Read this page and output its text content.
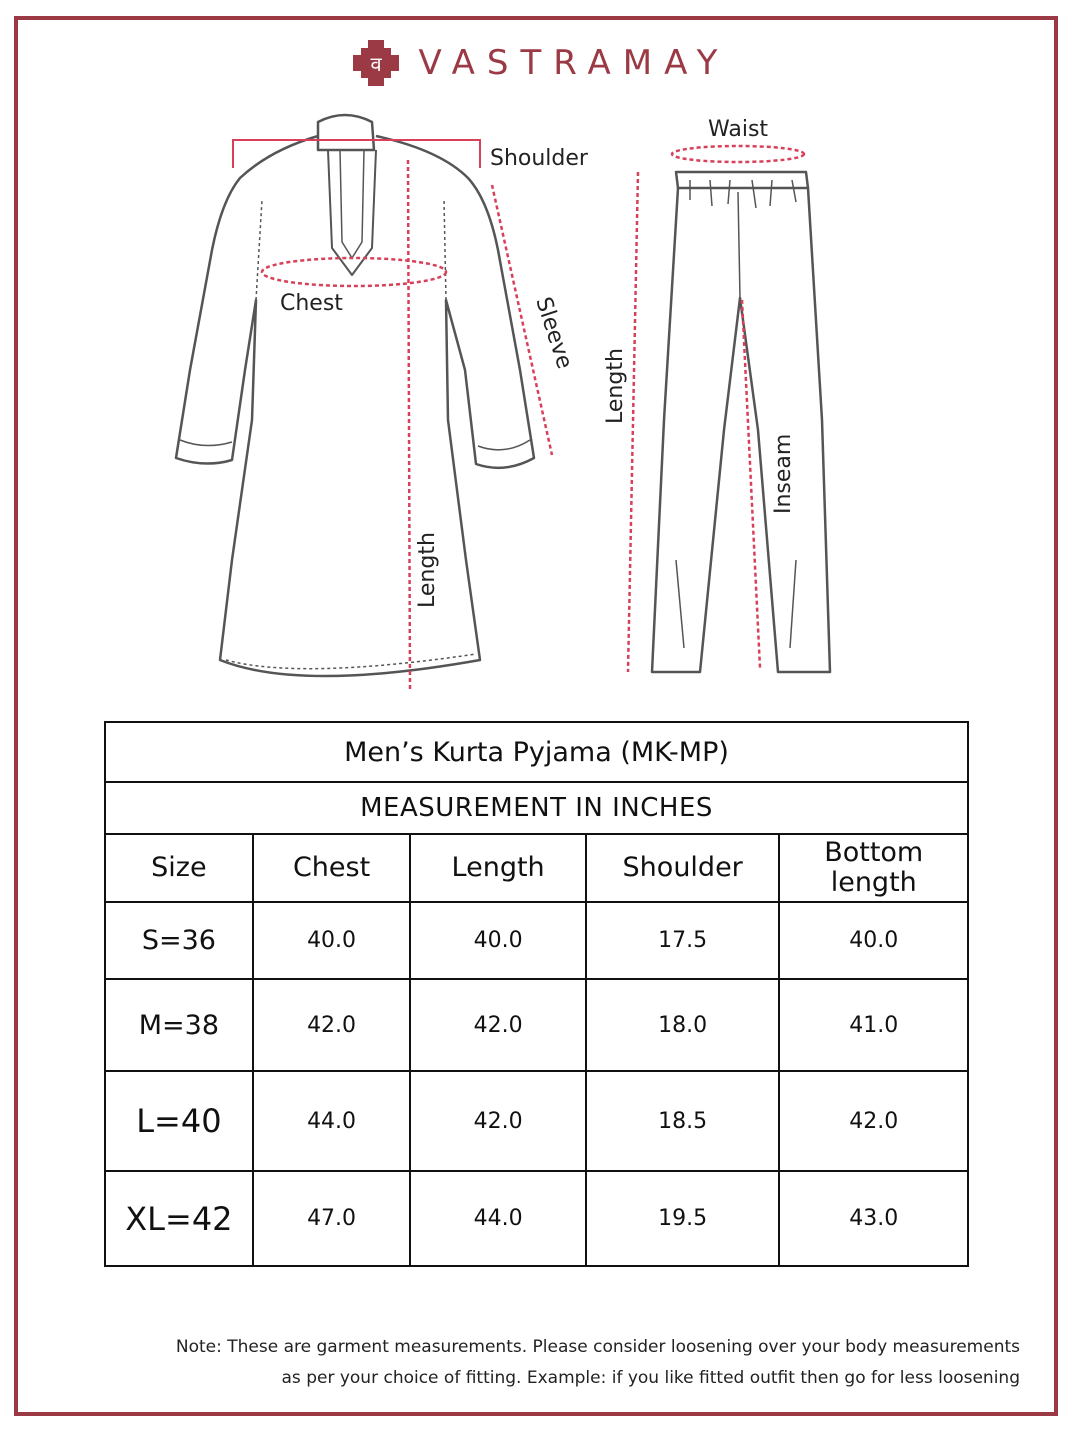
व VASTRAMAY
Shoulder
Chest	Sleeve
Length
Waist
Length
Inseam
Men’s Kurta Pyjama (MK-MP)				
MEASUREMENT IN INCHES				
Size	Chest	Length	Shoulder	Bottom length
S=36	40.0	40.0	17.5	40.0
M=38	42.0	42.0	18.0	41.0
L=40	44.0	42.0	18.5	42.0
XL=42	47.0	44.0	19.5	43.0
Note: These are garment measurements. Please consider loosening over your body measurements
as per your choice of fitting. Example: if you like fitted outfit then go for less loosening
